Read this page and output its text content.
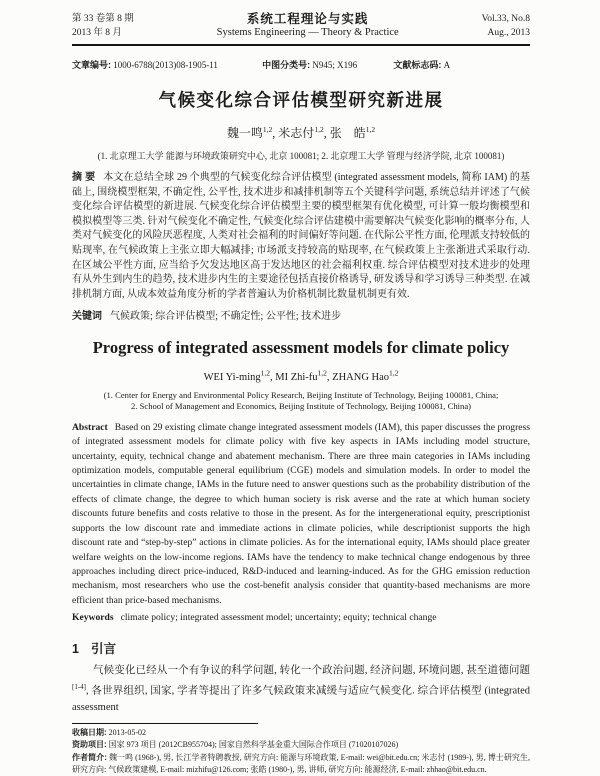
第 33 卷第 8 期
2013 年 8 月
系统工程理论与实践
Systems Engineering — Theory & Practice
Vol.33, No.8
Aug., 2013
文章编号: 1000-6788(2013)08-1905-11	中图分类号: N945; X196	文献标志码: A
气候变化综合评估模型研究新进展
魏一鸣$^{1,2}$, 米志付$^{1,2}$, 张　皓$^{1,2}$
(1. 北京理工大学 能源与环境政策研究中心, 北京 100081; 2. 北京理工大学 管理与经济学院, 北京 100081)
摘 要 本文在总结全球 29 个典型的气候变化综合评估模型 (integrated assessment models, 简称 IAM) 的基础上, 围绕模型框架, 不确定性, 公平性, 技术进步和减排机制等五个关键科学问题, 系统总结并评述了气候变化综合评估模型的新进展. 气候变化综合评估模型主要的模型框架有优化模型, 可计算一般均衡模型和模拟模型等三类. 针对气候变化不确定性, 气候变化综合评估建模中需要解决气候变化影响的概率分布, 人类对气候变化的风险厌恶程度, 人类对社会福利的时间偏好等问题. 在代际公平性方面, 伦理派支持较低的贴现率, 在气候政策上主张立即大幅减排; 市场派支持较高的贴现率, 在气候政策上主张渐进式采取行动. 在区域公平性方面, 应当给予欠发达地区高于发达地区的社会福利权重. 综合评估模型对技术进步的处理有从外生到内生的趋势, 技术进步内生的主要途径包括直接价格诱导, 研发诱导和学习诱导三种类型. 在减排机制方面, 从成本效益角度分析的学者普遍认为价格机制比数量机制更有效.
关键词 气候政策; 综合评估模型; 不确定性; 公平性; 技术进步
Progress of integrated assessment models for climate policy
WEI Yi-ming$^{1,2}$, MI Zhi-fu$^{1,2}$, ZHANG Hao$^{1,2}$
(1. Center for Energy and Environmental Policy Research, Beijing Institute of Technology, Beijing 100081, China;
2. School of Management and Economics, Beijing Institute of Technology, Beijing 100081, China)
Abstract Based on 29 existing climate change integrated assessment models (IAM), this paper discusses the progress of integrated assessment models for climate policy with five key aspects in IAMs including model structure, uncertainty, equity, technical change and abatement mechanism. There are three main categories in IAMs including optimization models, computable general equilibrium (CGE) models and simulation models. In order to model the uncertainties in climate change, IAMs in the future need to answer questions such as the probability distribution of the effects of climate change, the degree to which human society is risk averse and the rate at which human society discounts future benefits and costs relative to those in the present. As for the intergenerational equity, prescriptionist supports the low discount rate and immediate actions in climate policies, while descriptionist supports the high discount rate and “step-by-step” actions in climate policies. As for the international equity, IAMs should place greater welfare weights on the low-income regions. IAMs have the tendency to make technical change endogenous by three approaches including direct price-induced, R&D-induced and learning-induced. As for the GHG emission reduction mechanism, most researchers who use the cost-benefit analysis consider that quantity-based mechanisms are more efficient than price-based mechanisms.
Keywords climate policy; integrated assessment model; uncertainty; equity; technical change
1 引言
气候变化已经从一个有争议的科学问题, 转化一个政治问题, 经济问题, 环境问题, 甚至道德问题[1-4], 各世界组织, 国家, 学者等提出了许多气候政策来减缓与适应气候变化. 综合评估模型 (integrated assessment
收稿日期: 2013-05-02
资助项目: 国家 973 项目 (2012CB955704); 国家自然科学基金重大国际合作项目 (71020107026)
作者简介: 魏一鸣 (1968-), 男, 长江学者特聘教授, 研究方向: 能源与环境政策, E-mail: wei@bit.edu.cn; 米志付 (1989-), 男, 博士研究生, 研究方向: 气候政策建模, E-mail: mizhifu@126.com; 张皓 (1980-), 男, 讲师, 研究方向: 能源经济, E-mail: zhhao@bit.edu.cn.
